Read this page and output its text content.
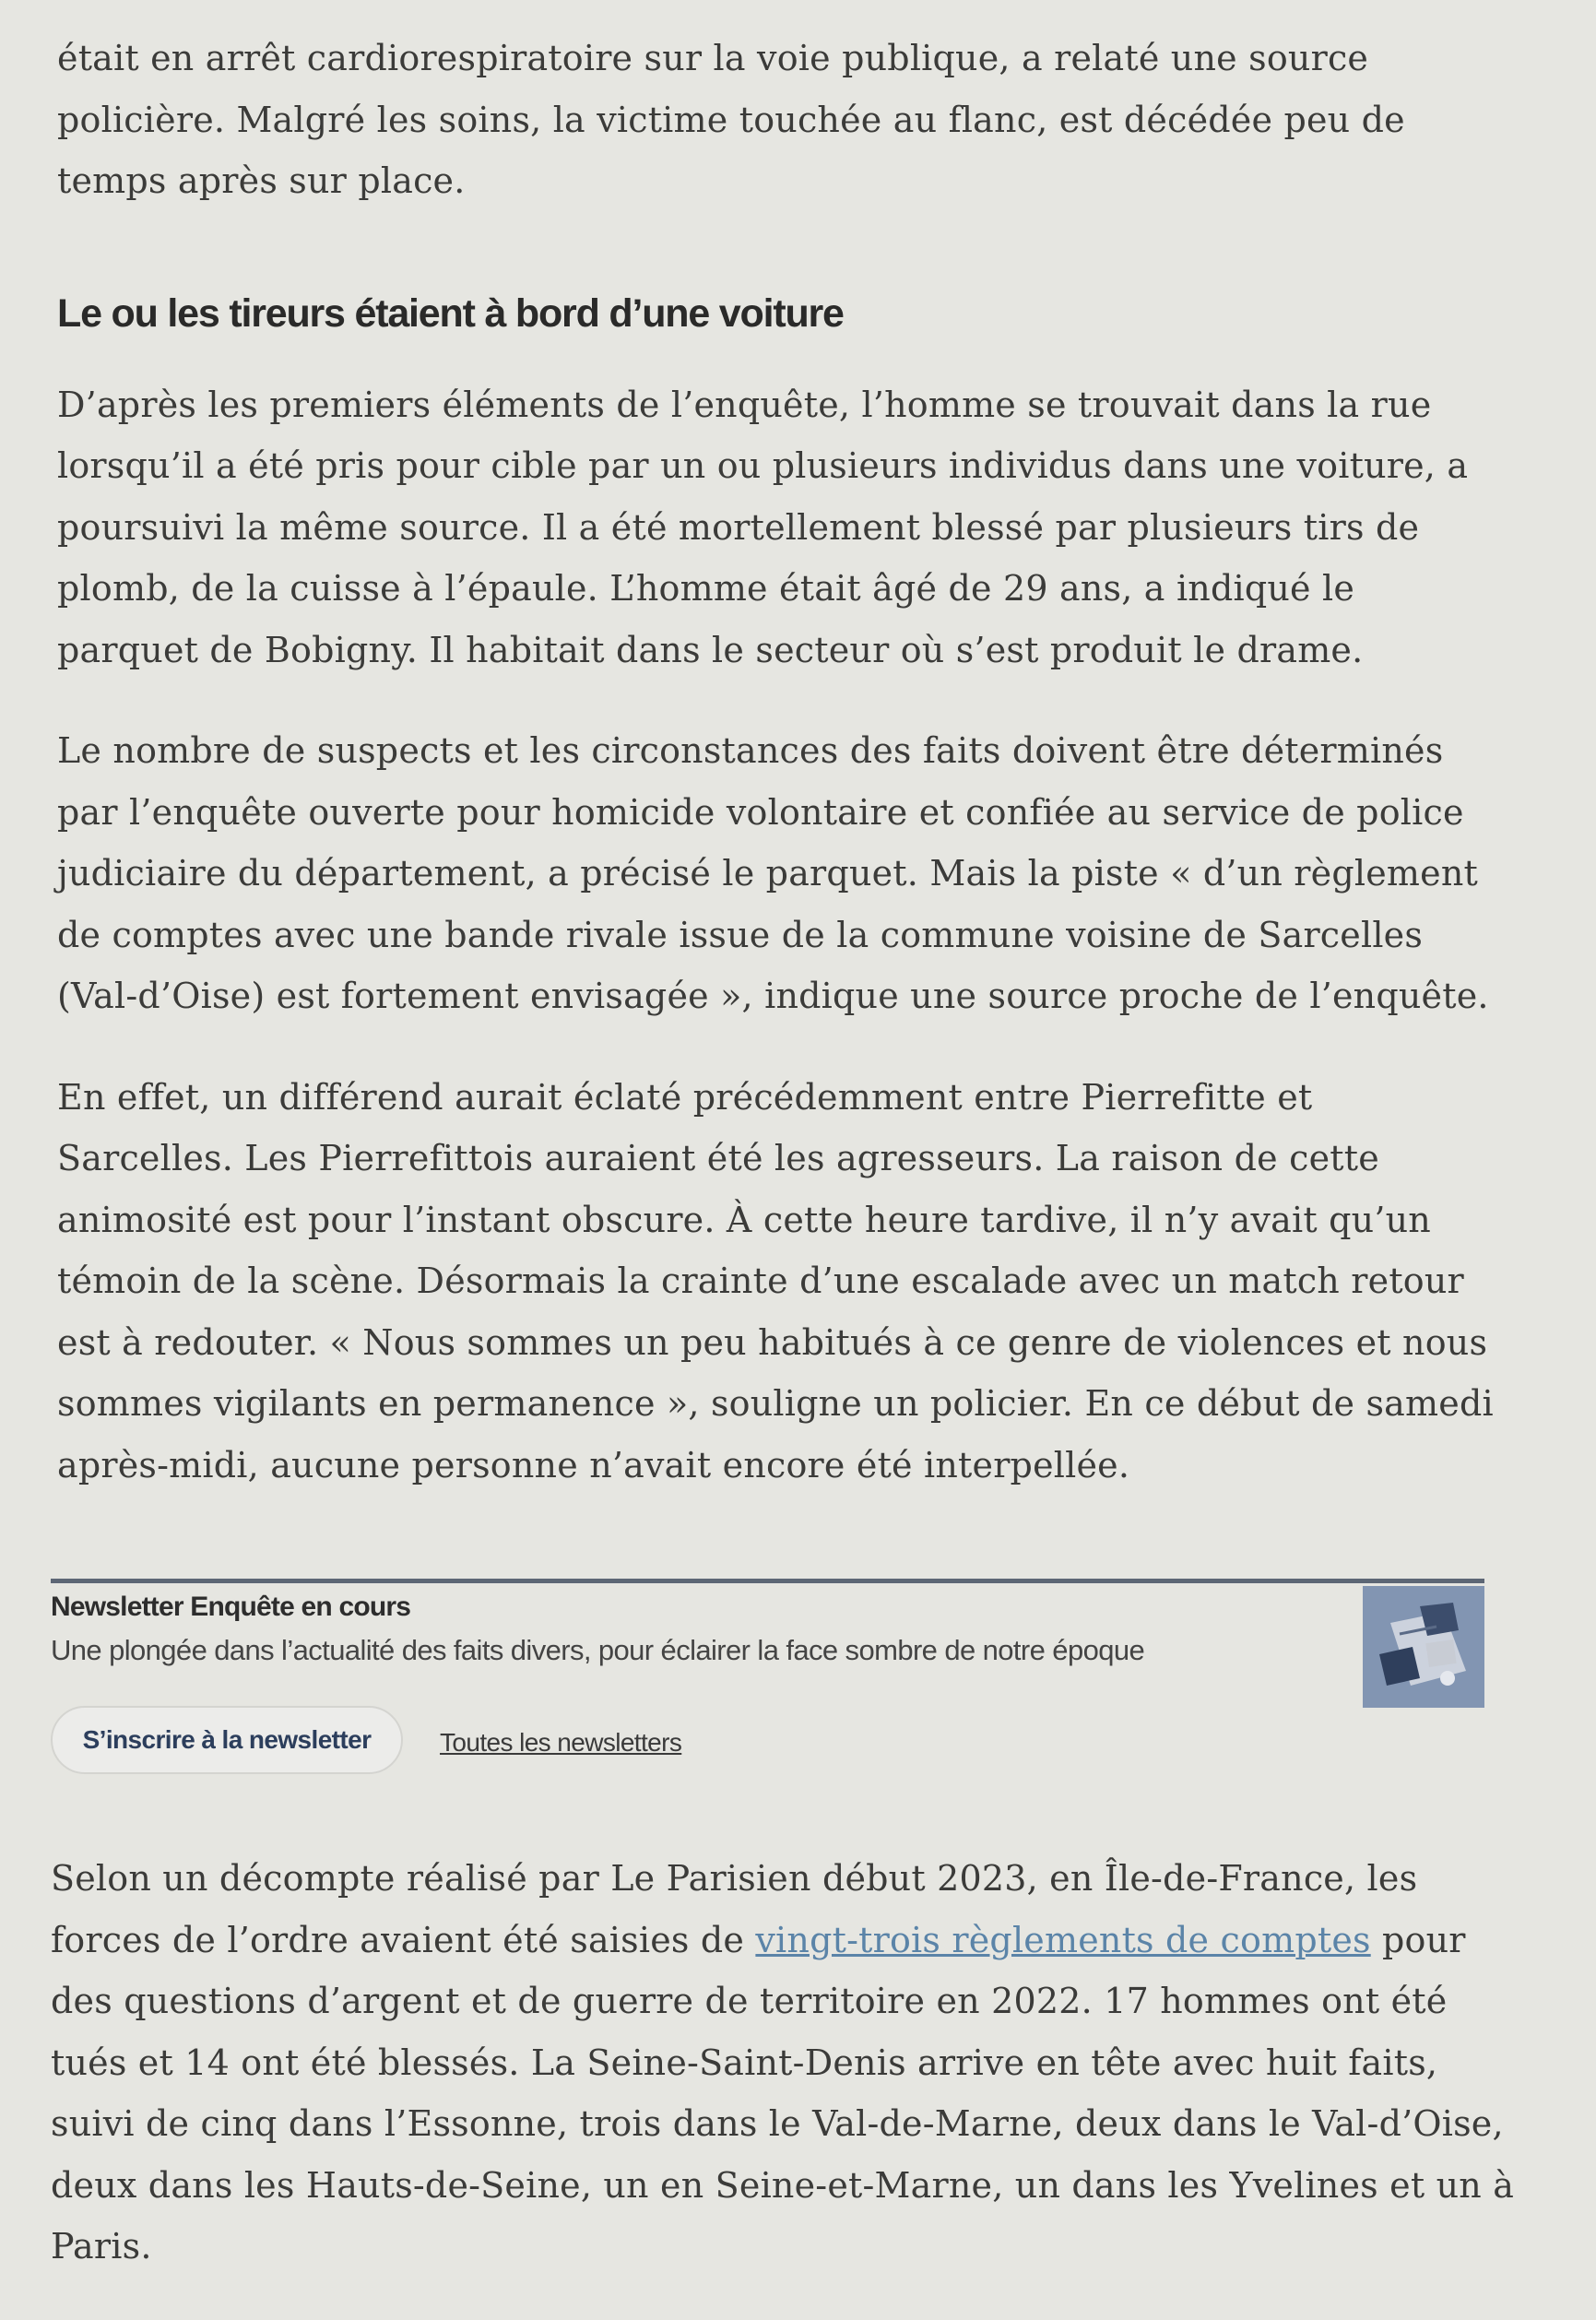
était en arrêt cardiorespiratoire sur la voie publique, a relaté une source policière. Malgré les soins, la victime touchée au flanc, est décédée peu de temps après sur place.

Le ou les tireurs étaient à bord d’une voiture

D’après les premiers éléments de l’enquête, l’homme se trouvait dans la rue lorsqu’il a été pris pour cible par un ou plusieurs individus dans une voiture, a poursuivi la même source. Il a été mortellement blessé par plusieurs tirs de plomb, de la cuisse à l’épaule. L’homme était âgé de 29 ans, a indiqué le parquet de Bobigny. Il habitait dans le secteur où s’est produit le drame.

Le nombre de suspects et les circonstances des faits doivent être déterminés par l’enquête ouverte pour homicide volontaire et confiée au service de police judiciaire du département, a précisé le parquet. Mais la piste « d’un règlement de comptes avec une bande rivale issue de la commune voisine de Sarcelles (Val-d’Oise) est fortement envisagée », indique une source proche de l’enquête.

En effet, un différend aurait éclaté précédemment entre Pierrefitte et Sarcelles. Les Pierrefittois auraient été les agresseurs. La raison de cette animosité est pour l’instant obscure. À cette heure tardive, il n’y avait qu’un témoin de la scène. Désormais la crainte d’une escalade avec un match retour est à redouter. « Nous sommes un peu habitués à ce genre de violences et nous sommes vigilants en permanence », souligne un policier. En ce début de samedi après-midi, aucune personne n’avait encore été interpellée.

Newsletter Enquête en cours
Une plongée dans l’actualité des faits divers, pour éclairer la face sombre de notre époque
S’inscrire à la newsletter	Toutes les newsletters

Selon un décompte réalisé par Le Parisien début 2023, en Île-de-France, les forces de l’ordre avaient été saisies de vingt-trois règlements de comptes pour des questions d’argent et de guerre de territoire en 2022. 17 hommes ont été tués et 14 ont été blessés. La Seine-Saint-Denis arrive en tête avec huit faits, suivi de cinq dans l’Essonne, trois dans le Val-de-Marne, deux dans le Val-d’Oise, deux dans les Hauts-de-Seine, un en Seine-et-Marne, un dans les Yvelines et un à Paris.
